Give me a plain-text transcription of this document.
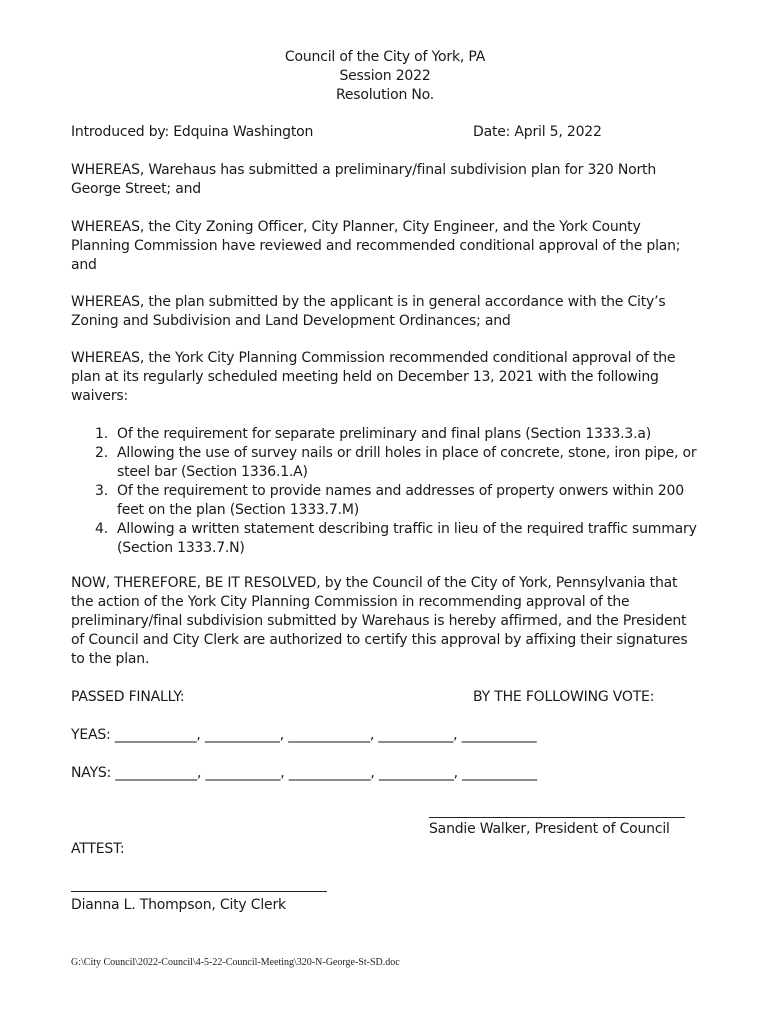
Council of the City of York, PA
Session 2022
Resolution No.
Introduced by: Edquina Washington	Date: April 5, 2022
WHEREAS, Warehaus has submitted a preliminary/final subdivision plan for 320 North George Street; and
WHEREAS, the City Zoning Officer, City Planner, City Engineer, and the York County Planning Commission have reviewed and recommended conditional approval of the plan; and
WHEREAS, the plan submitted by the applicant is in general accordance with the City’s Zoning and Subdivision and Land Development Ordinances; and
WHEREAS, the York City Planning Commission recommended conditional approval of the plan at its regularly scheduled meeting held on December 13, 2021 with the following waivers:
1. Of the requirement for separate preliminary and final plans (Section 1333.3.a)
2. Allowing the use of survey nails or drill holes in place of concrete, stone, iron pipe, or steel bar (Section 1336.1.A)
3. Of the requirement to provide names and addresses of property onwers within 200 feet on the plan (Section 1333.7.M)
4. Allowing a written statement describing traffic in lieu of the required traffic summary (Section 1333.7.N)
NOW, THEREFORE, BE IT RESOLVED, by the Council of the City of York, Pennsylvania that the action of the York City Planning Commission in recommending approval of the preliminary/final subdivision submitted by Warehaus is hereby affirmed, and the President of Council and City Clerk are authorized to certify this approval by affixing their signatures to the plan.
PASSED FINALLY:	BY THE FOLLOWING VOTE:
YEAS: ____________, ___________, ____________, ___________, ___________
NAYS: ____________, ___________, ____________, ___________, ___________
Sandie Walker, President of Council
ATTEST:
Dianna L. Thompson, City Clerk
G:\City Council\2022-Council\4-5-22-Council-Meeting\320-N-George-St-SD.doc
